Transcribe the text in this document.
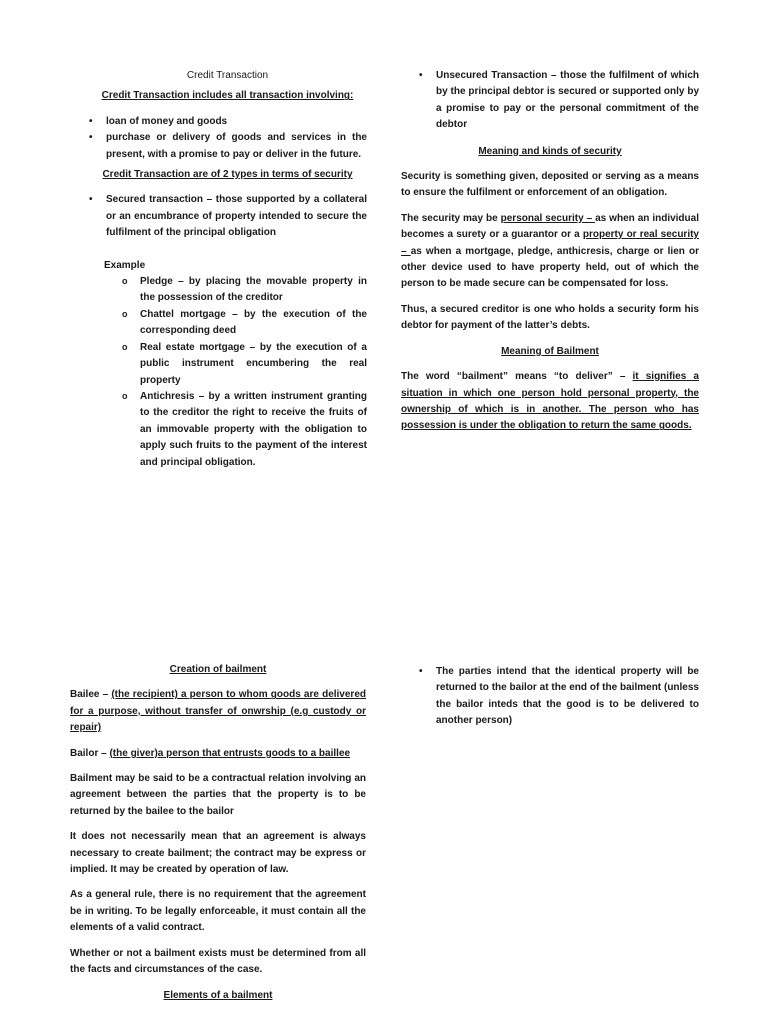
Credit Transaction

Credit Transaction includes all transaction involving:

• loan of money and goods
• purchase or delivery of goods and services in the present, with a promise to pay or deliver in the future.

Credit Transaction are of 2 types in terms of security

• Secured transaction – those supported by a collateral or an encumbrance of property intended to secure the fulfilment of the principal obligation

Example

o Pledge – by placing the movable property in the possession of the creditor
o Chattel mortgage – by the execution of the corresponding deed
o Real estate mortgage – by the execution of a public instrument encumbering the real property
o Antichresis – by a written instrument granting to the creditor the right to receive the fruits of an immovable property with the obligation to apply such fruits to the payment of the interest and principal obligation.
• Unsecured Transaction – those the fulfilment of which by the principal debtor is secured or supported only by a promise to pay or the personal commitment of the debtor

Meaning and kinds of security

Security is something given, deposited or serving as a means to ensure the fulfilment or enforcement of an obligation.

The security may be personal security – as when an individual becomes a surety or a guarantor or a property or real security – as when a mortgage, pledge, anthicresis, charge or lien or other device used to have property held, out of which the person to be made secure can be compensated for loss.

Thus, a secured creditor is one who holds a security form his debtor for payment of the latter’s debts.

Meaning of Bailment

The word “bailment” means “to deliver” – it signifies a situation in which one person hold personal property, the ownership of which is in another. The person who has possession is under the obligation to return the same goods.

Creation of bailment

Bailee – (the recipient) a person to whom goods are delivered for a purpose, without transfer of onwrship (e.g custody or repair)

Bailor – (the giver)a person that entrusts goods to a baillee

Bailment may be said to be a contractual relation involving an agreement between the parties that the property is to be returned by the bailee to the bailor

It does not necessarily mean that an agreement is always necessary to create bailment; the contract may be express or implied. It may be created by operation of law.

As a general rule, there is no requirement that the agreement be in writing. To be legally enforceable, it must contain all the elements of a valid contract.

Whether or not a bailment exists must be determined from all the facts and circumstances of the case.

Elements of a bailment

• The parties intend that the identical property will be returned to the bailor at the end of the bailment (unless the bailor inteds that the good is to be delivered to another person)
